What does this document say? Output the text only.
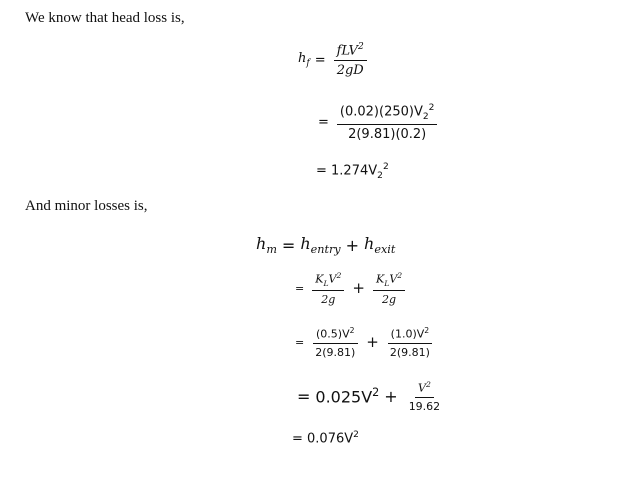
We know that head loss is,
$h_f = \frac{fLV^2}{2gD}$
= $\frac{(0.02)(250)V_2^2}{2(9.81)(0.2)}$
= $1.274V_2^2$
And minor losses is,
$h_m = h_{entry} + h_{exit}$
= $\frac{K_LV^2}{2g} + \frac{K_LV^2}{2g}$
= $\frac{(0.5)V^2}{2(9.81)} + \frac{(1.0)V^2}{2(9.81)}$
= $0.025V^2 + \frac{V^2}{19.62}$
= $0.076V^2$
